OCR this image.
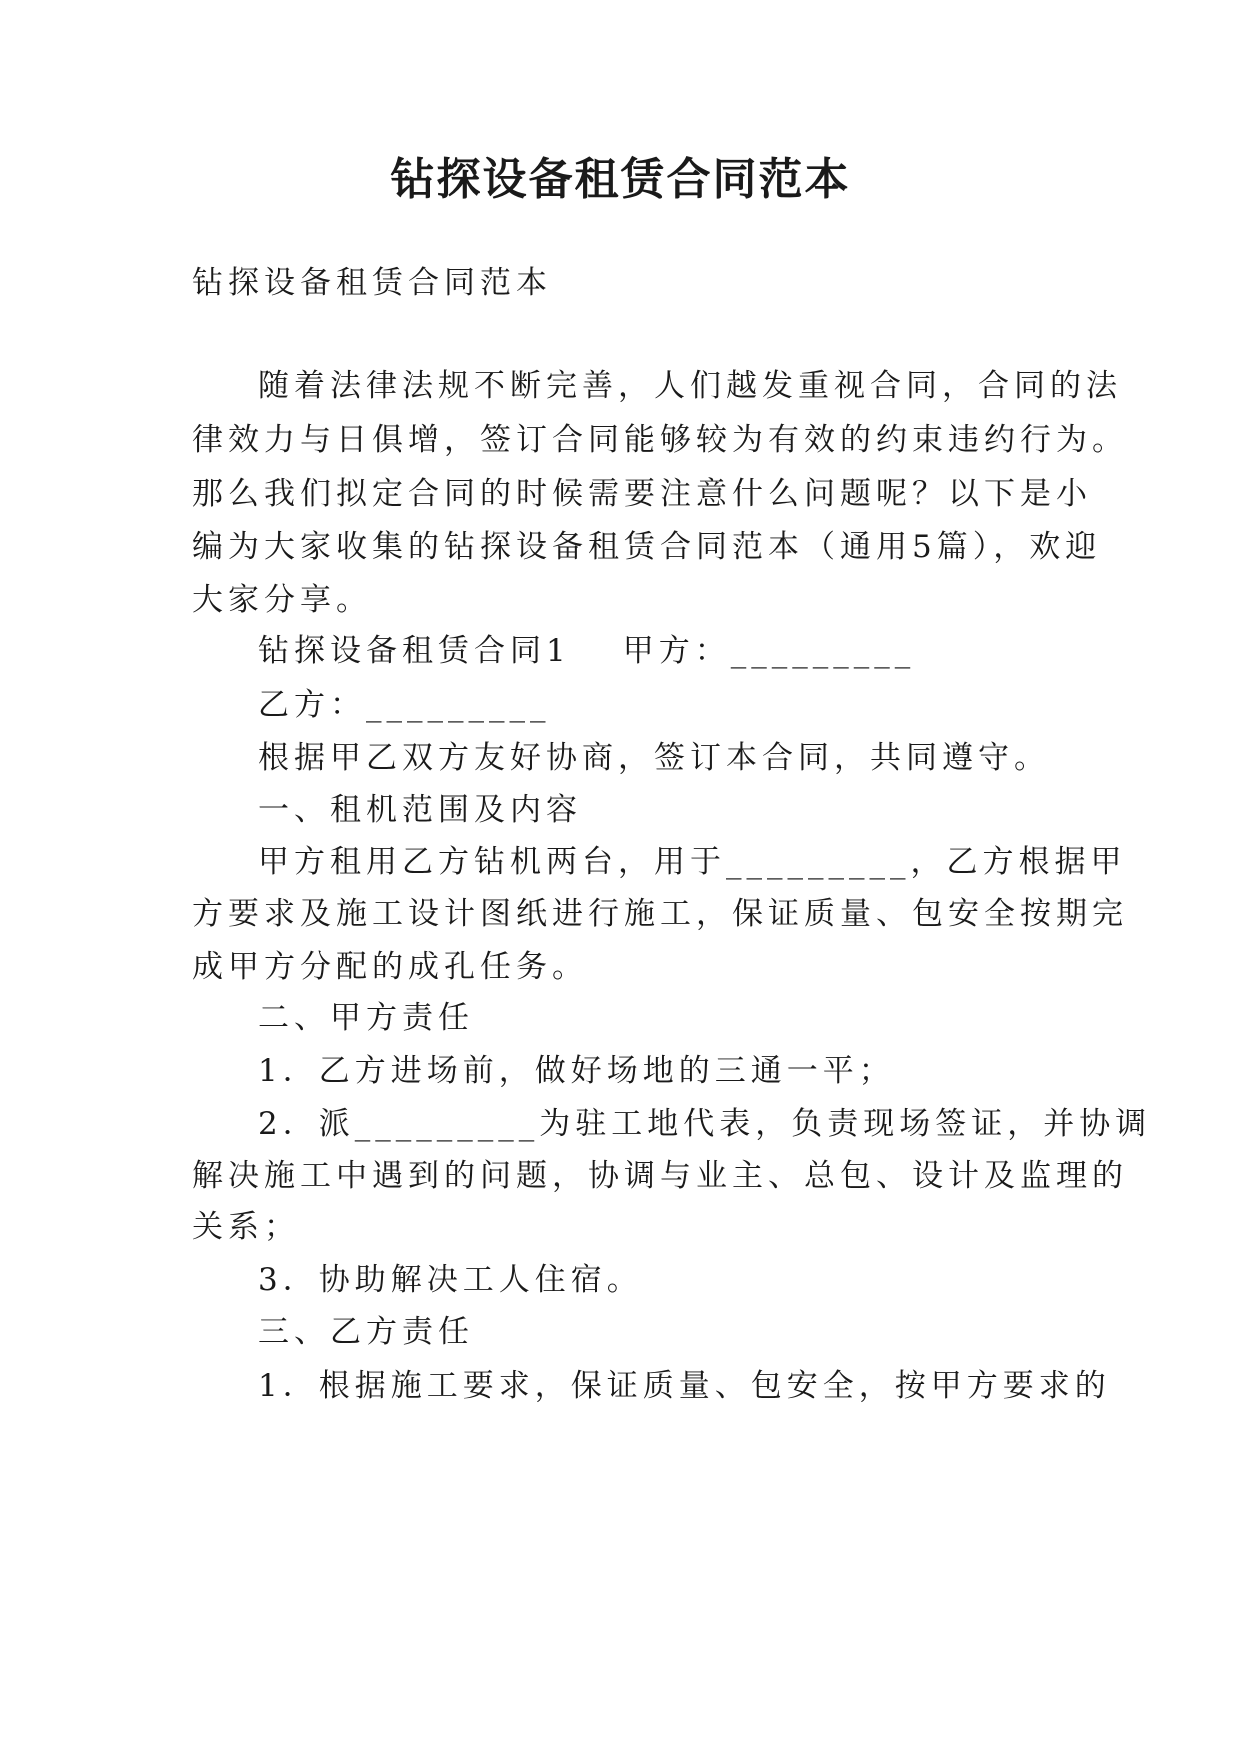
钻探设备租赁合同范本

钻探设备租赁合同范本

随着法律法规不断完善，人们越发重视合同，合同的法

律效力与日俱增，签订合同能够较为有效的约束违约行为。

那么我们拟定合同的时候需要注意什么问题呢？以下是小

编为大家收集的钻探设备租赁合同范本（通用5篇），欢迎

大家分享。

钻探设备租赁合同1 甲方：_________

乙方：_________

根据甲乙双方友好协商，签订本合同，共同遵守。

一、租机范围及内容

甲方租用乙方钻机两台，用于_________，乙方根据甲

方要求及施工设计图纸进行施工，保证质量、包安全按期完

成甲方分配的成孔任务。

二、甲方责任

1．乙方进场前，做好场地的三通一平；

2．派_________为驻工地代表，负责现场签证，并协调

解决施工中遇到的问题，协调与业主、总包、设计及监理的

关系；

3．协助解决工人住宿。

三、乙方责任

1．根据施工要求，保证质量、包安全，按甲方要求的
